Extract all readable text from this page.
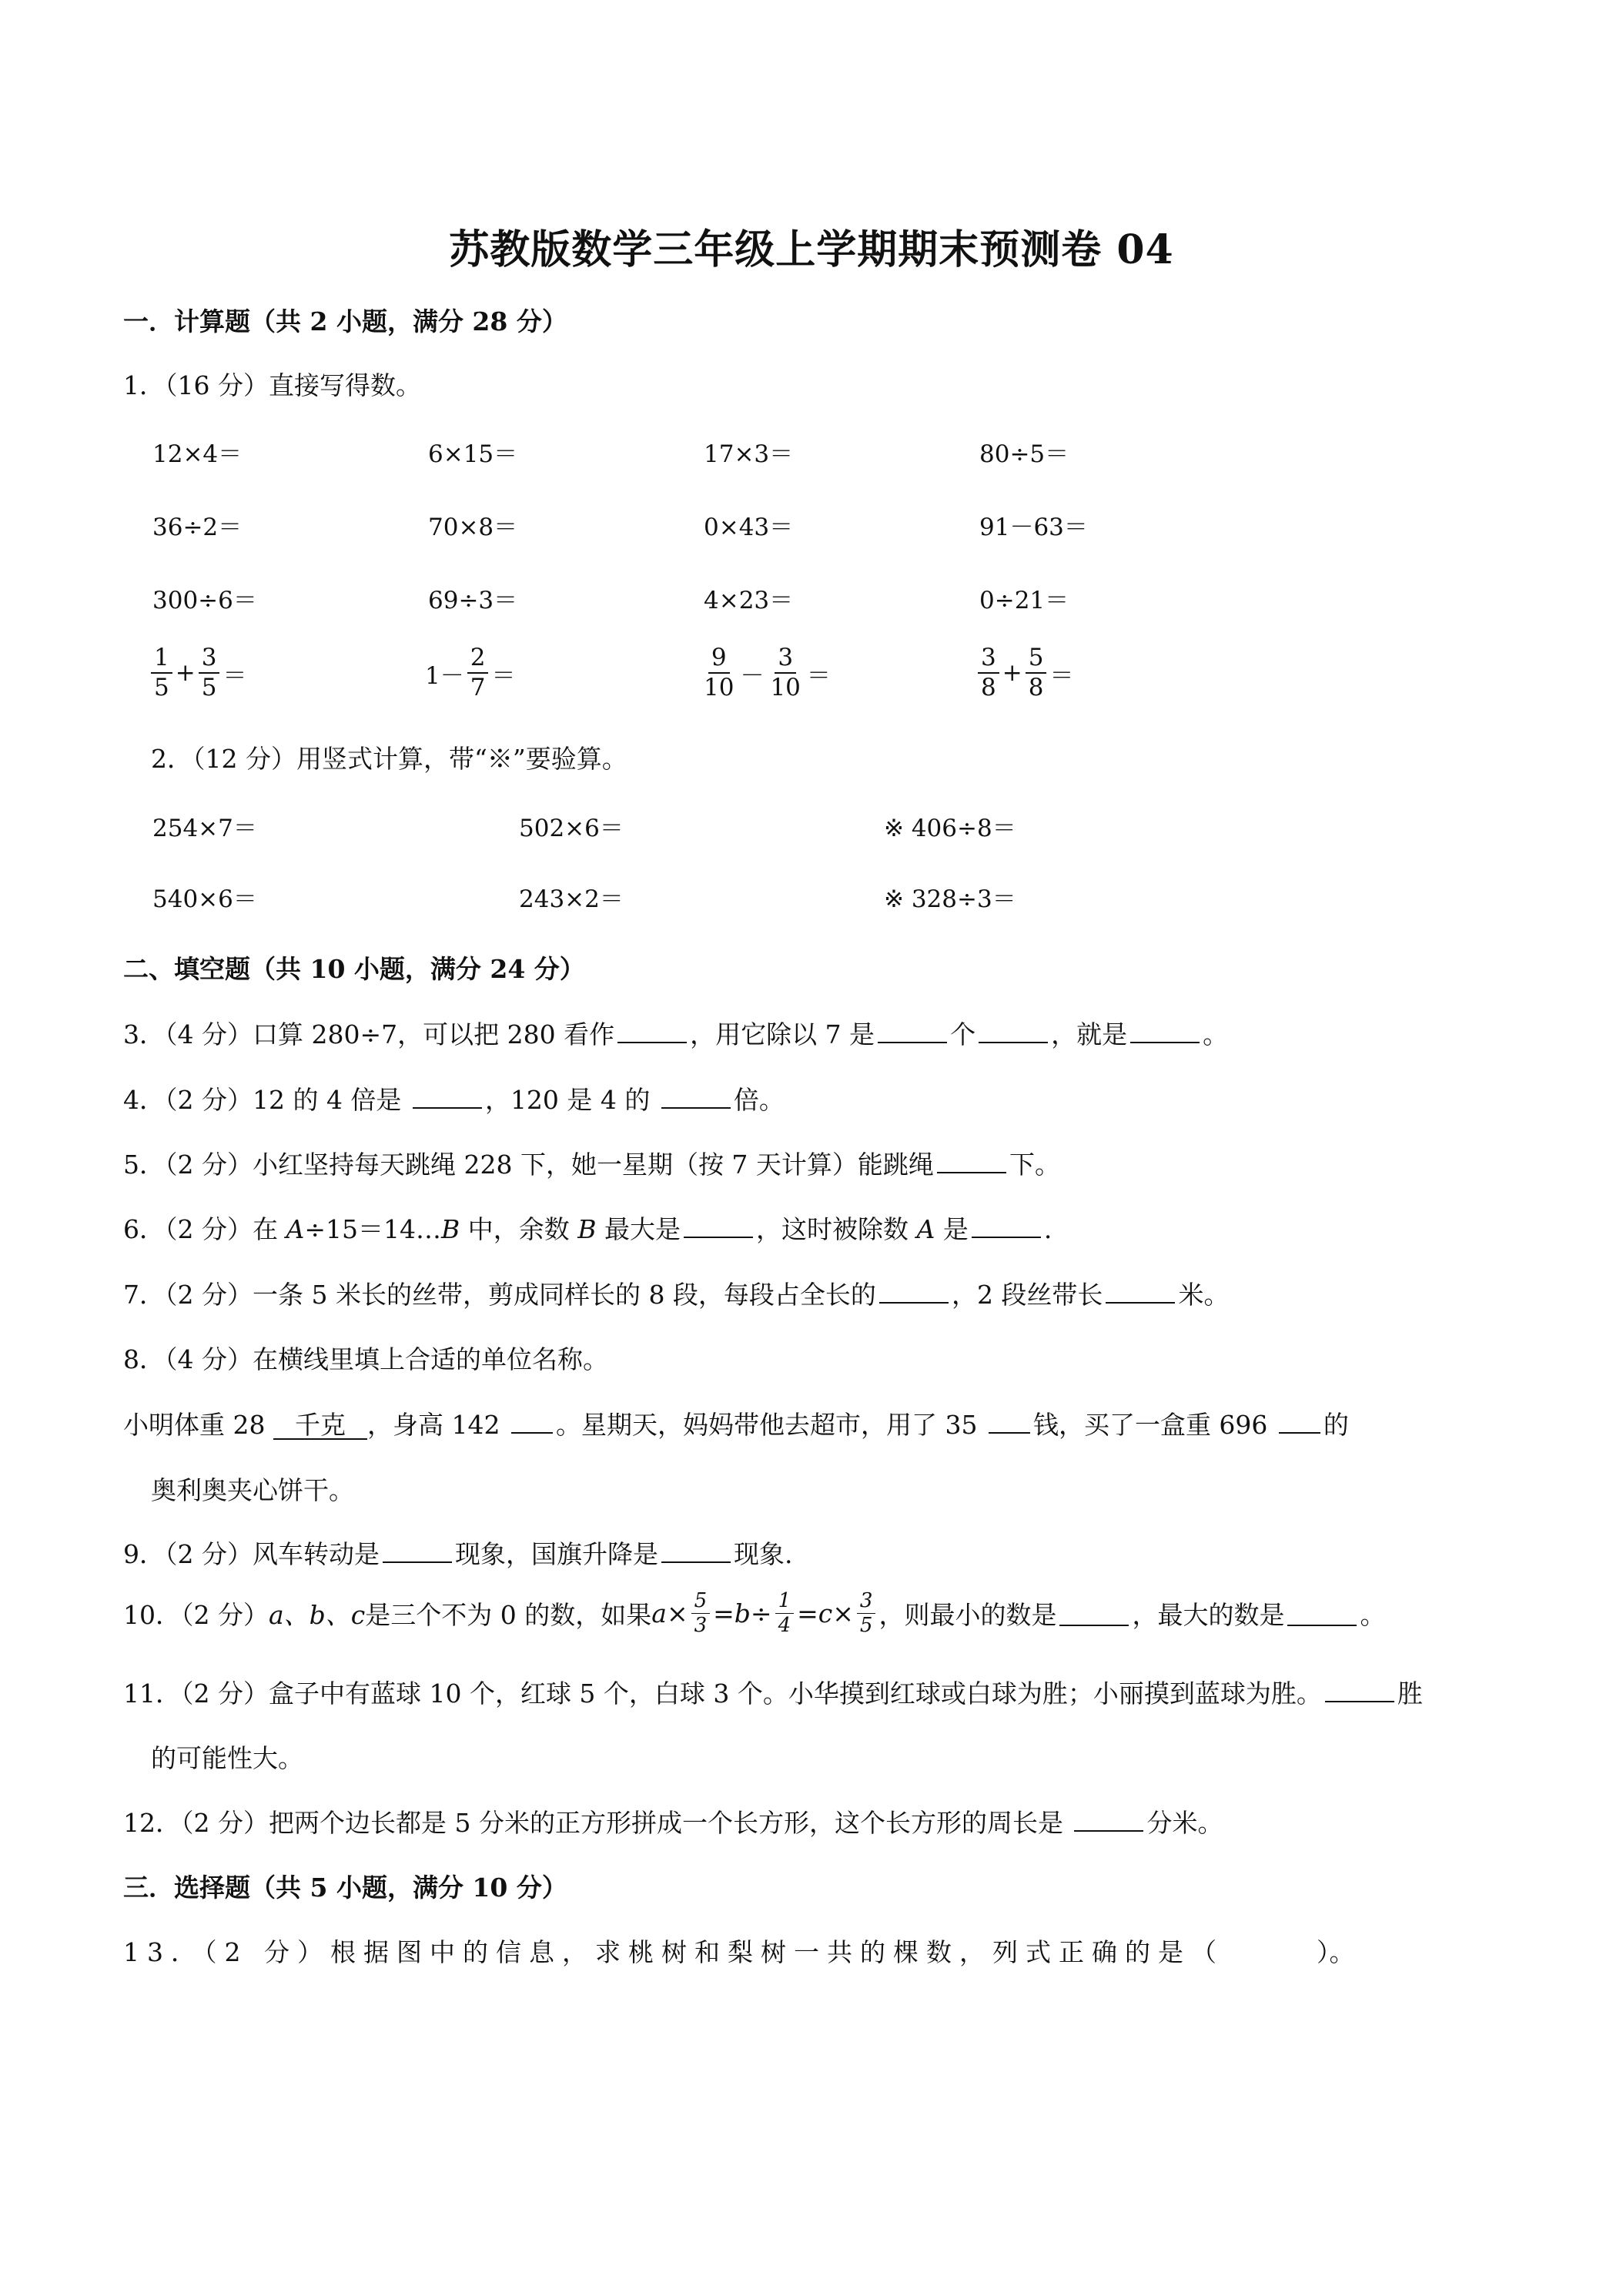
苏教版数学三年级上学期期末预测卷 04
一．计算题（共 2 小题，满分 28 分）
1．（16 分）直接写得数。
12×4＝	6×15＝	17×3＝	80÷5＝
36÷2＝	70×8＝	0×43＝	91－63＝
300÷6＝	69÷3＝	4×23＝	0÷21＝
$\frac{1}{5} + \frac{3}{5}$ ＝	$1- \frac{2}{7}$ ＝	$\frac{9}{10} - \frac{3}{10}$ ＝	$\frac{3}{8} + \frac{5}{8}$ ＝
2．（12 分）用竖式计算，带“※”要验算。
254×7＝	502×6＝	※ 406÷8＝
540×6＝	243×2＝	※ 328÷3＝
二、填空题（共 10 小题，满分 24 分）
3．（4 分）口算 280÷7，可以把 280 看作	，用它除以 7 是	个	，就是	。
4．（2 分）12 的 4 倍是	，120 是 4 的	倍。
5．（2 分）小红坚持每天跳绳 228 下，她一星期（按 7 天计算）能跳绳	下。
6．（2 分）在 A÷15＝14…B 中，余数 B 最大是	，这时被除数 A 是	.
7．（2 分）一条 5 米长的丝带，剪成同样长的 8 段，每段占全长的	，2 段丝带长	米。
8．（4 分）在横线里填上合适的单位名称。
小明体重 28 千克 ，身高 142 。星期天，妈妈带他去超市，用了 35 钱，买了一盒重 696 的
奥利奥夹心饼干。
9．（2 分）风车转动是	现象，国旗升降是	现象.
10．（2 分） a、b、c 是三个不为 0 的数，如果 $a \times \frac{5}{3} = b \div \frac{1}{4} = c \times \frac{3}{5}$ ，则最小的数是	，最大的数是	。
11．（2 分）盒子中有蓝球 10 个，红球 5 个，白球 3 个。小华摸到红球或白球为胜；小丽摸到蓝球为胜。	胜
的可能性大。
12．（2 分）把两个边长都是 5 分米的正方形拼成一个长方形，这个长方形的周长是	分米。
三．选择题（共 5 小题，满分 10 分）
13．（2 分）根据图中的信息，求桃树和梨树一共的棵数，列式正确的是（	）。
